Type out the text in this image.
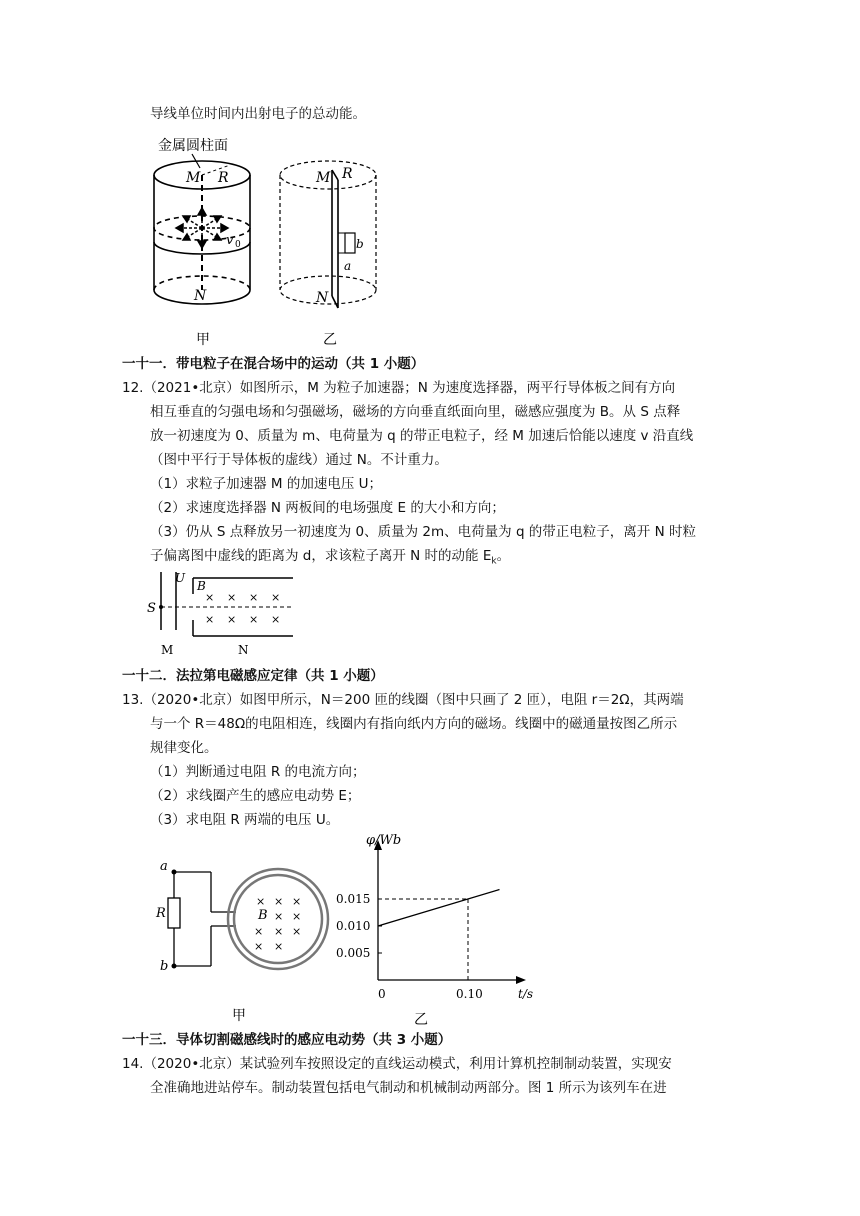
导线单位时间内出射电子的总动能。
金属圆柱面
M R
v 0
N
甲
M R
b
a
N
乙
一十一．带电粒子在混合场中的运动（共 1 小题）
12.（2021•北京）如图所示，M 为粒子加速器；N 为速度选择器，两平行导体板之间有方向
相互垂直的匀强电场和匀强磁场，磁场的方向垂直纸面向里，磁感应强度为 B。从 S 点释
放一初速度为 0、质量为 m、电荷量为 q 的带正电粒子，经 M 加速后恰能以速度 v 沿直线
（图中平行于导体板的虚线）通过 N。不计重力。
（1）求粒子加速器 M 的加速电压 U；
（2）求速度选择器 N 两板间的电场强度 E 的大小和方向；
（3）仍从 S 点释放另一初速度为 0、质量为 2m、电荷量为 q 的带正电粒子，离开 N 时粒
子偏离图中虚线的距离为 d，求该粒子离开 N 时的动能 $E_k$。
U
B
S
M	N
× × × ×
× × × ×
一十二．法拉第电磁感应定律（共 1 小题）
13.（2020•北京）如图甲所示，N＝200 匝的线圈（图中只画了 2 匝），电阻 r＝2Ω，其两端
与一个 R＝48Ω的电阻相连，线圈内有指向纸内方向的磁场。线圈中的磁通量按图乙所示
规律变化。
（1）判断通过电阻 R 的电流方向；
（2）求线圈产生的感应电动势 E；
（3）求电阻 R 两端的电压 U。
a
R
b
B
× × ×
× ×
× × ×
× ×
甲
φ/Wb
t/s
0.015
0.010
0.005
0	0.10
乙
一十三．导体切割磁感线时的感应电动势（共 3 小题）
14.（2020•北京）某试验列车按照设定的直线运动模式，利用计算机控制制动装置，实现安
全准确地进站停车。制动装置包括电气制动和机械制动两部分。图 1 所示为该列车在进
